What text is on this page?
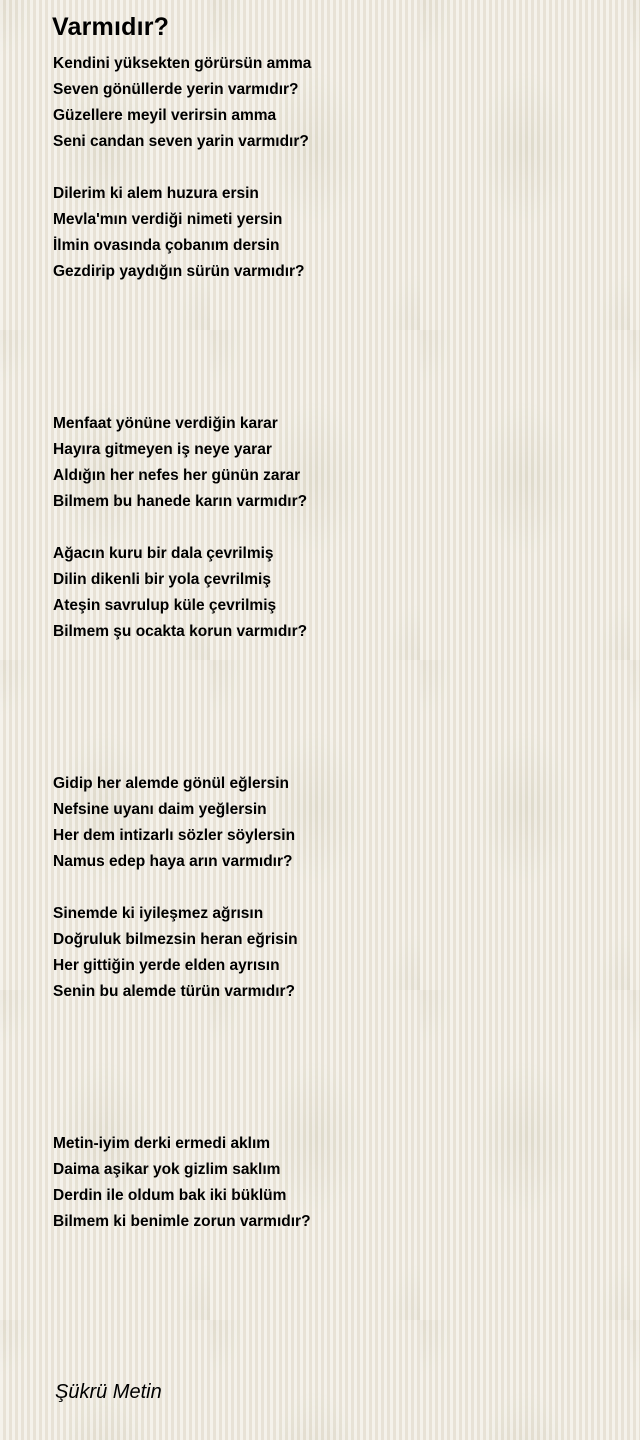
Varmıdır?
Kendini yüksekten görürsün amma
Seven gönüllerde yerin varmıdır?
Güzellere meyil verirsin amma
Seni candan seven yarin varmıdır?
Dilerim ki alem huzura ersin
Mevla'mın verdiği nimeti yersin
İlmin ovasında çobanım dersin
Gezdirip yaydığın sürün varmıdır?
Menfaat yönüne verdiğin karar
Hayıra gitmeyen iş neye yarar
Aldığın her nefes her günün zarar
Bilmem bu hanede karın varmıdır?
Ağacın kuru bir dala çevrilmiş
Dilin dikenli bir yola çevrilmiş
Ateşin savrulup küle çevrilmiş
Bilmem şu ocakta korun varmıdır?
Gidip her alemde gönül eğlersin
Nefsine uyanı daim yeğlersin
Her dem intizarlı sözler söylersin
Namus edep haya arın varmıdır?
Sinemde ki iyileşmez ağrısın
Doğruluk bilmezsin heran eğrisin
Her gittiğin yerde elden ayrısın
Senin bu alemde türün varmıdır?
Metin-iyim derki ermedi aklım
Daima aşikar yok gizlim saklım
Derdin ile oldum bak iki büklüm
Bilmem ki benimle zorun varmıdır?

Şükrü Metin
